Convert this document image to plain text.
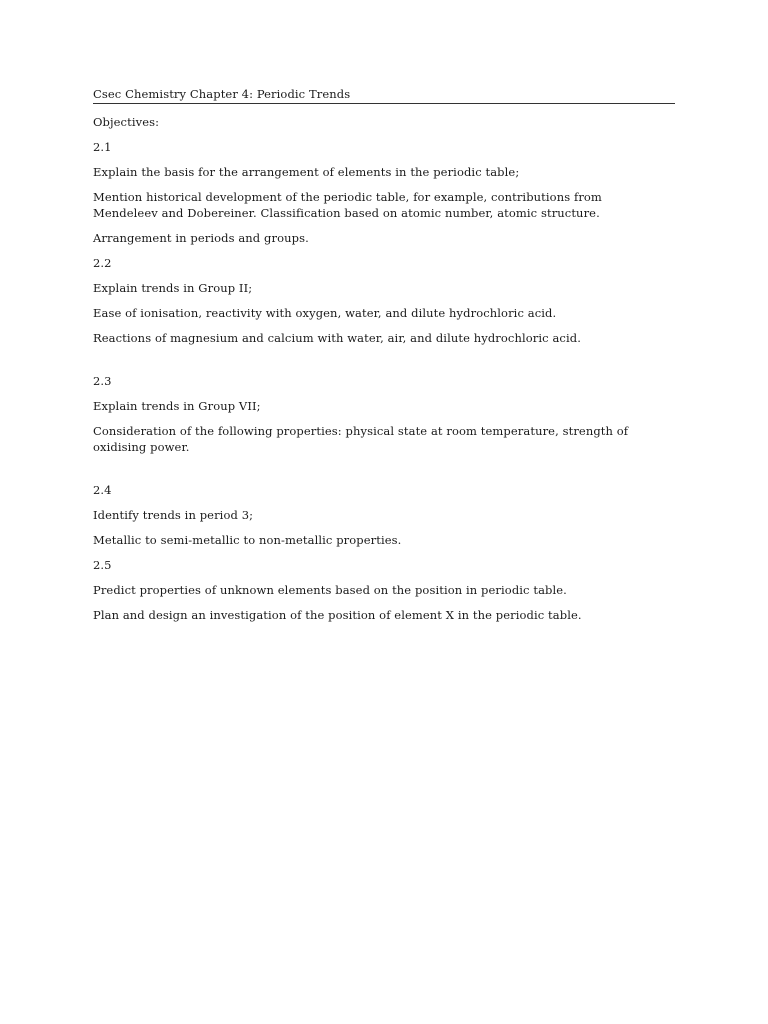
Csec Chemistry Chapter 4: Periodic Trends
Objectives:
2.1
Explain the basis for the arrangement of elements in the periodic table;
Mention historical development of the periodic table, for example, contributions from
Mendeleev and Dobereiner. Classification based on atomic number, atomic structure.
Arrangement in periods and groups.
2.2
Explain trends in Group II;
Ease of ionisation, reactivity with oxygen, water, and dilute hydrochloric acid.
Reactions of magnesium and calcium with water, air, and dilute hydrochloric acid.
2.3
Explain trends in Group VII;
Consideration of the following properties: physical state at room temperature, strength of
oxidising power.
2.4
Identify trends in period 3;
Metallic to semi-metallic to non-metallic properties.
2.5
Predict properties of unknown elements based on the position in periodic table.
Plan and design an investigation of the position of element X in the periodic table.
